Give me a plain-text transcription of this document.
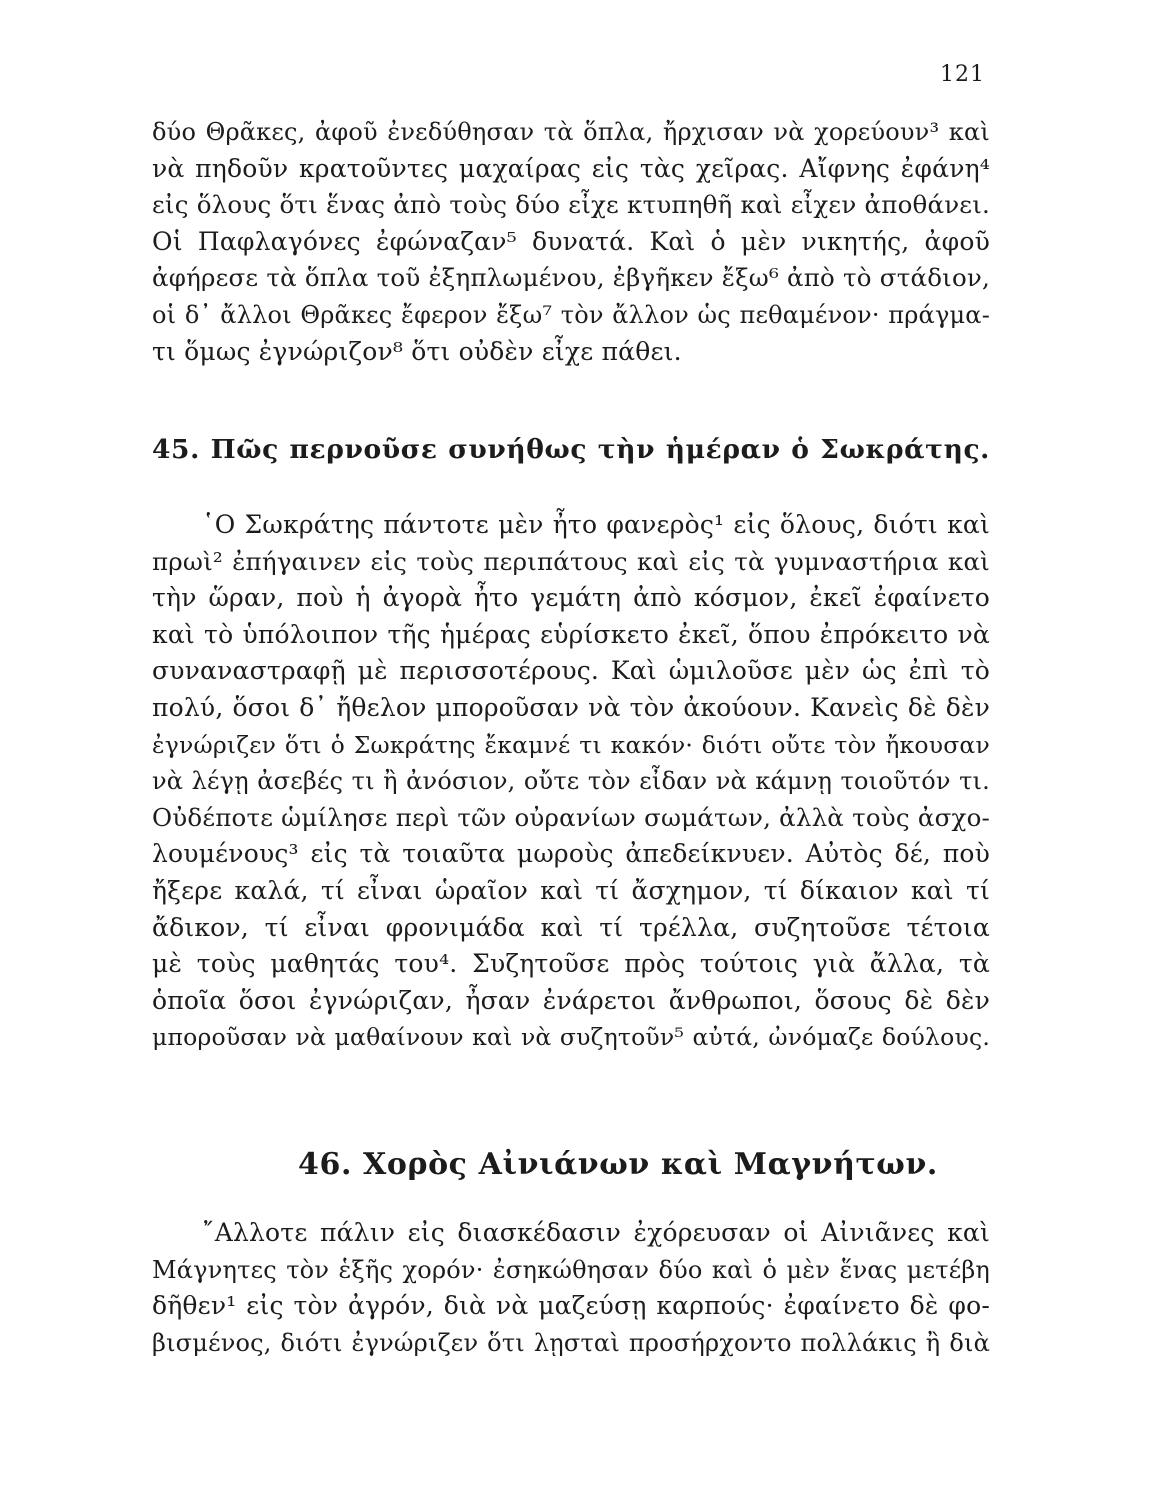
121
δύο Θρᾶκες, ἀφοῦ ἐνεδύθησαν τὰ ὅπλα, ἤρχισαν νὰ χορεύουν³ καὶ
νὰ πηδοῦν κρατοῦντες μαχαίρας εἰς τὰς χεῖρας. Αἴφνης ἐφάνη⁴
εἰς ὅλους ὅτι ἕνας ἀπὸ τοὺς δύο εἶχε κτυπηθῆ καὶ εἶχεν ἀποθάνει.
Οἱ Παφλαγόνες ἐφώναζαν⁵ δυνατά. Καὶ ὁ μὲν νικητής, ἀφοῦ
ἀφήρεσε τὰ ὅπλα τοῦ ἐξηπλωμένου, ἐβγῆκεν ἔξω⁶ ἀπὸ τὸ στάδιον,
οἱ δ᾽ ἄλλοι Θρᾶκες ἔφερον ἔξω⁷ τὸν ἄλλον ὡς πεθαμένον· πράγμα-
τι ὅμως ἐγνώριζον⁸ ὅτι οὐδὲν εἶχε πάθει.
45. Πῶς περνοῦσε συνήθως τὴν ἡμέραν ὁ Σωκράτης.
῾Ο Σωκράτης πάντοτε μὲν ἦτο φανερὸς¹ εἰς ὅλους, διότι καὶ
πρωὶ² ἐπήγαινεν εἰς τοὺς περιπάτους καὶ εἰς τὰ γυμναστήρια καὶ
τὴν ὥραν, ποὺ ἡ ἀγορὰ ἦτο γεμάτη ἀπὸ κόσμον, ἐκεῖ ἐφαίνετο
καὶ τὸ ὑπόλοιπον τῆς ἡμέρας εὑρίσκετο ἐκεῖ, ὅπου ἐπρόκειτο νὰ
συναναστραφῇ μὲ περισσοτέρους. Καὶ ὡμιλοῦσε μὲν ὡς ἐπὶ τὸ
πολύ, ὅσοι δ᾽ ἤθελον μποροῦσαν νὰ τὸν ἀκούουν. Κανεὶς δὲ δὲν
ἐγνώριζεν ὅτι ὁ Σωκράτης ἔκαμνέ τι κακόν· διότι οὔτε τὸν ἤκουσαν
νὰ λέγῃ ἀσεβές τι ἢ ἀνόσιον, οὔτε τὸν εἶδαν νὰ κάμνῃ τοιοῦτόν τι.
Οὐδέποτε ὡμίλησε περὶ τῶν οὐρανίων σωμάτων, ἀλλὰ τοὺς ἀσχο-
λουμένους³ εἰς τὰ τοιαῦτα μωροὺς ἀπεδείκνυεν. Αὐτὸς δέ, ποὺ
ἤξερε καλά, τί εἶναι ὡραῖον καὶ τί ἄσχημον, τί δίκαιον καὶ τί
ἄδικον, τί εἶναι φρονιμάδα καὶ τί τρέλλα, συζητοῦσε τέτοια
μὲ τοὺς μαθητάς του⁴. Συζητοῦσε πρὸς τούτοις γιὰ ἄλλα, τὰ
ὁποῖα ὅσοι ἐγνώριζαν, ἦσαν ἐνάρετοι ἄνθρωποι, ὅσους δὲ δὲν
μποροῦσαν νὰ μαθαίνουν καὶ νὰ συζητοῦν⁵ αὐτά, ὠνόμαζε δούλους.
46. Χορὸς Αἰνιάνων καὶ Μαγνήτων.
῎Αλλοτε πάλιν εἰς διασκέδασιν ἐχόρευσαν οἱ Αἰνιᾶνες καὶ
Μάγνητες τὸν ἑξῆς χορόν· ἐσηκώθησαν δύο καὶ ὁ μὲν ἕνας μετέβη
δῆθεν¹ εἰς τὸν ἀγρόν, διὰ νὰ μαζεύσῃ καρπούς· ἐφαίνετο δὲ φο-
βισμένος, διότι ἐγνώριζεν ὅτι λῃσταὶ προσήρχοντο πολλάκις ἢ διὰ
